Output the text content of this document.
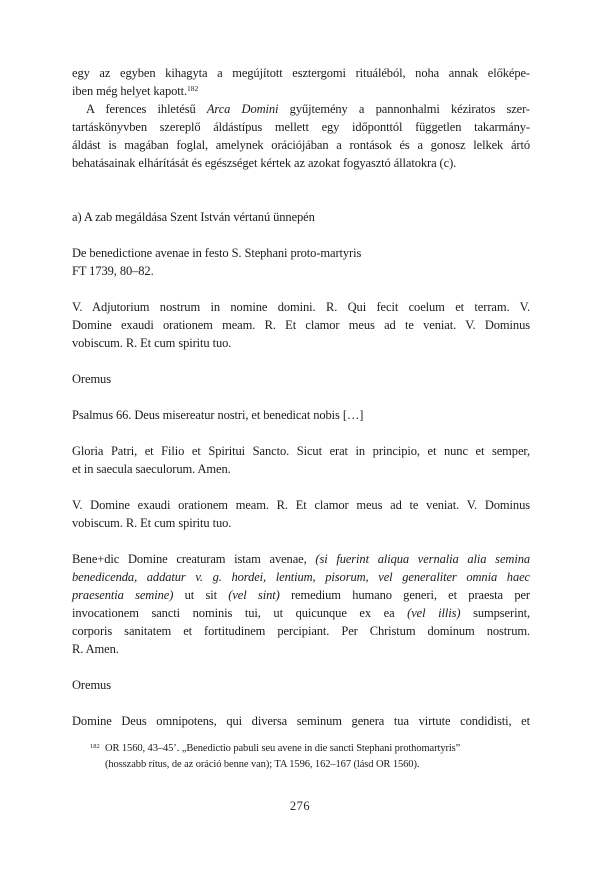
egy az egyben kihagyta a megújított esztergomi rituáléból, noha annak előképe-
iben még helyet kapott.$^{182}$
A ferences ihletésű Arca Domini gyűjtemény a pannonhalmi kéziratos szer-
tartáskönyvben szereplő áldástípus mellett egy időponttól független takarmány-
áldást is magában foglal, amelynek orációjában a rontások és a gonosz lelkek ártó
behatásainak elhárítását és egészséget kértek az azokat fogyasztó állatokra (c).
a) A zab megáldása Szent István vértanú ünnepén
De benedictione avenae in festo S. Stephani proto-martyris
FT 1739, 80–82.
V. Adjutorium nostrum in nomine domini. R. Qui fecit coelum et terram. V.
Domine exaudi orationem meam. R. Et clamor meus ad te veniat. V. Dominus
vobiscum. R. Et cum spiritu tuo.
Oremus
Psalmus 66. Deus misereatur nostri, et benedicat nobis […]
Gloria Patri, et Filio et Spiritui Sancto. Sicut erat in principio, et nunc et semper,
et in saecula saeculorum. Amen.
V. Domine exaudi orationem meam. R. Et clamor meus ad te veniat. V. Dominus
vobiscum. R. Et cum spiritu tuo.
Bene+dic Domine creaturam istam avenae, (si fuerint aliqua vernalia alia semina
benedicenda, addatur v. g. hordei, lentium, pisorum, vel generaliter omnia haec
praesentia semine) ut sit (vel sint) remedium humano generi, et praesta per
invocationem sancti nominis tui, ut quicunque ex ea (vel illis) sumpserint,
corporis sanitatem et fortitudinem percipiant. Per Christum dominum nostrum.
R. Amen.
Oremus
Domine Deus omnipotens, qui diversa seminum genera tua virtute condidisti, et
$^{182}$ OR 1560, 43–45’. „Benedictio pabuli seu avene in die sancti Stephani prothomartyris”
(hosszabb rítus, de az oráció benne van); TA 1596, 162–167 (lásd OR 1560).
276
